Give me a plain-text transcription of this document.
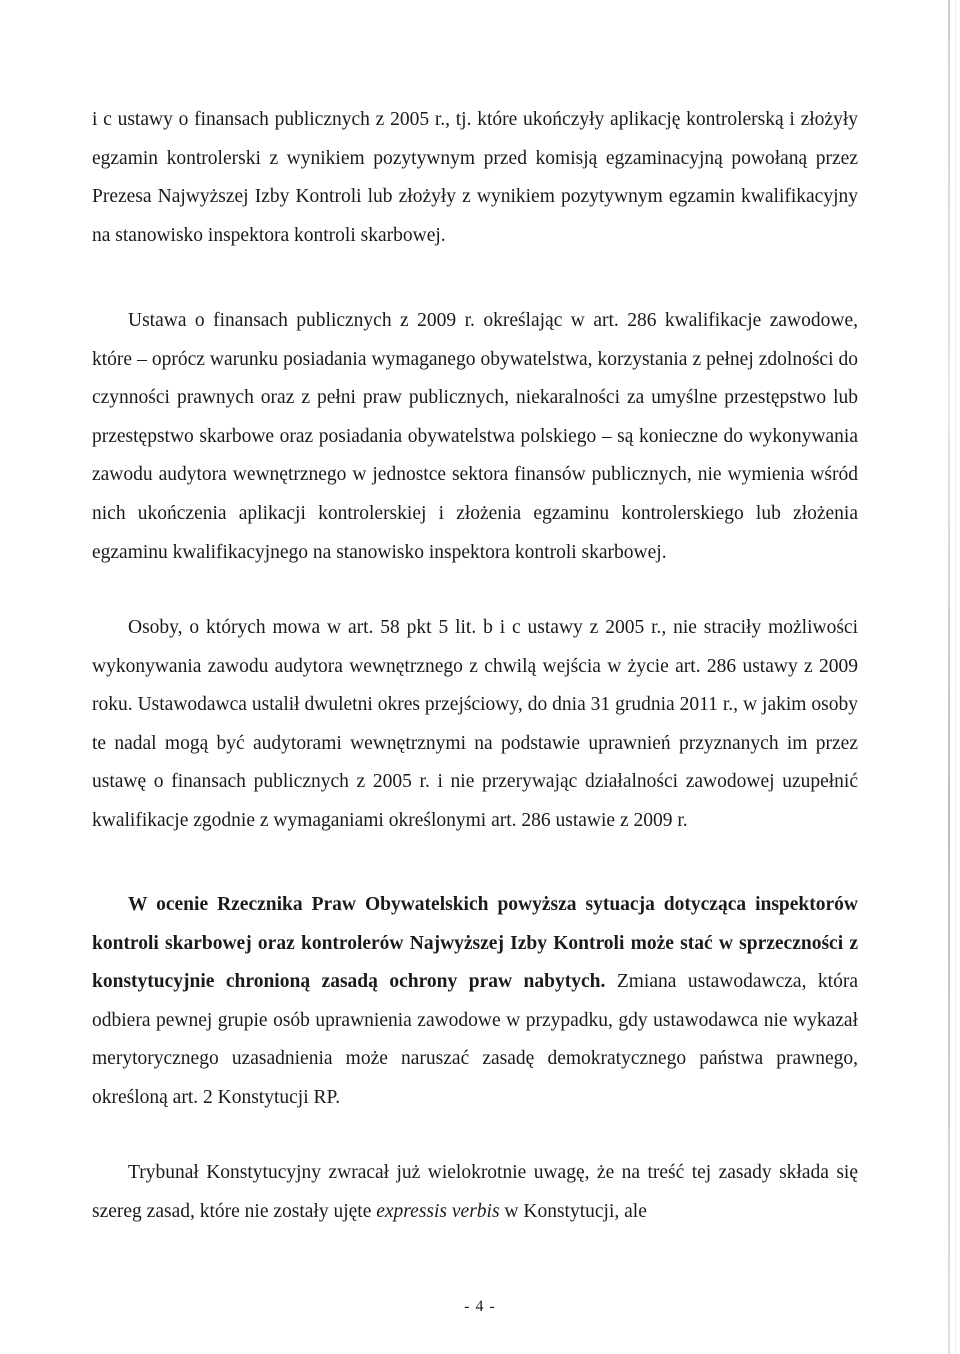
i c ustawy o finansach publicznych z 2005 r., tj. które ukończyły aplikację kontrolerską i złożyły egzamin kontrolerski z wynikiem pozytywnym przed komisją egzaminacyjną powołaną przez Prezesa Najwyższej Izby Kontroli lub złożyły z wynikiem pozytywnym egzamin kwalifikacyjny na stanowisko inspektora kontroli skarbowej.

Ustawa o finansach publicznych z 2009 r. określając w art. 286 kwalifikacje zawodowe, które – oprócz warunku posiadania wymaganego obywatelstwa, korzystania z pełnej zdolności do czynności prawnych oraz z pełni praw publicznych, niekaralności za umyślne przestępstwo lub przestępstwo skarbowe oraz posiadania obywatelstwa polskiego – są konieczne do wykonywania zawodu audytora wewnętrznego w jednostce sektora finansów publicznych, nie wymienia wśród nich ukończenia aplikacji kontrolerskiej i złożenia egzaminu kontrolerskiego lub złożenia egzaminu kwalifikacyjnego na stanowisko inspektora kontroli skarbowej.

Osoby, o których mowa w art. 58 pkt 5 lit. b i c ustawy z 2005 r., nie straciły możliwości wykonywania zawodu audytora wewnętrznego z chwilą wejścia w życie art. 286 ustawy z 2009 roku. Ustawodawca ustalił dwuletni okres przejściowy, do dnia 31 grudnia 2011 r., w jakim osoby te nadal mogą być audytorami wewnętrznymi na podstawie uprawnień przyznanych im przez ustawę o finansach publicznych z 2005 r. i nie przerywając działalności zawodowej uzupełnić kwalifikacje zgodnie z wymaganiami określonymi art. 286 ustawie z 2009 r.

W ocenie Rzecznika Praw Obywatelskich powyższa sytuacja dotycząca inspektorów kontroli skarbowej oraz kontrolerów Najwyższej Izby Kontroli może stać w sprzeczności z konstytucyjnie chronioną zasadą ochrony praw nabytych. Zmiana ustawodawcza, która odbiera pewnej grupie osób uprawnienia zawodowe w przypadku, gdy ustawodawca nie wykazał merytorycznego uzasadnienia może naruszać zasadę demokratycznego państwa prawnego, określoną art. 2 Konstytucji RP.

Trybunał Konstytucyjny zwracał już wielokrotnie uwagę, że na treść tej zasady składa się szereg zasad, które nie zostały ujęte expressis verbis w Konstytucji, ale

- 4 -
